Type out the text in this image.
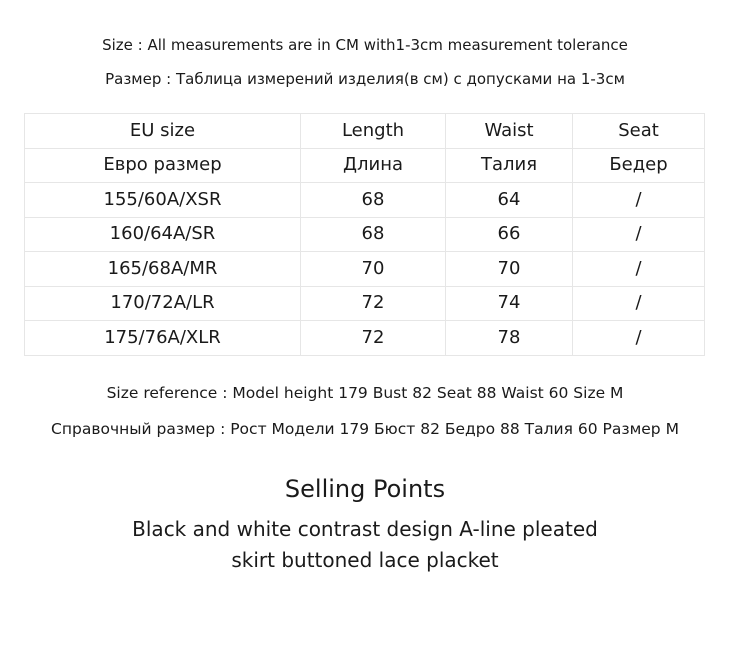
Size : All measurements are in CM with1-3cm measurement tolerance
Размер : Таблица измерений изделия(в см) с допусками на 1-3см
EU size	Length	Waist	Seat
Евро размер	Длина	Талия	Бедер
155/60A/XSR	68	64	/
160/64A/SR	68	66	/
165/68A/MR	70	70	/
170/72A/LR	72	74	/
175/76A/XLR	72	78	/
Size reference : Model height 179 Bust 82 Seat 88 Waist 60 Size M
Справочный размер : Рост Модели 179 Бюст 82 Бедро 88 Талия 60 Размер M
Selling Points
Black and white contrast design A-line pleated
skirt buttoned lace placket
